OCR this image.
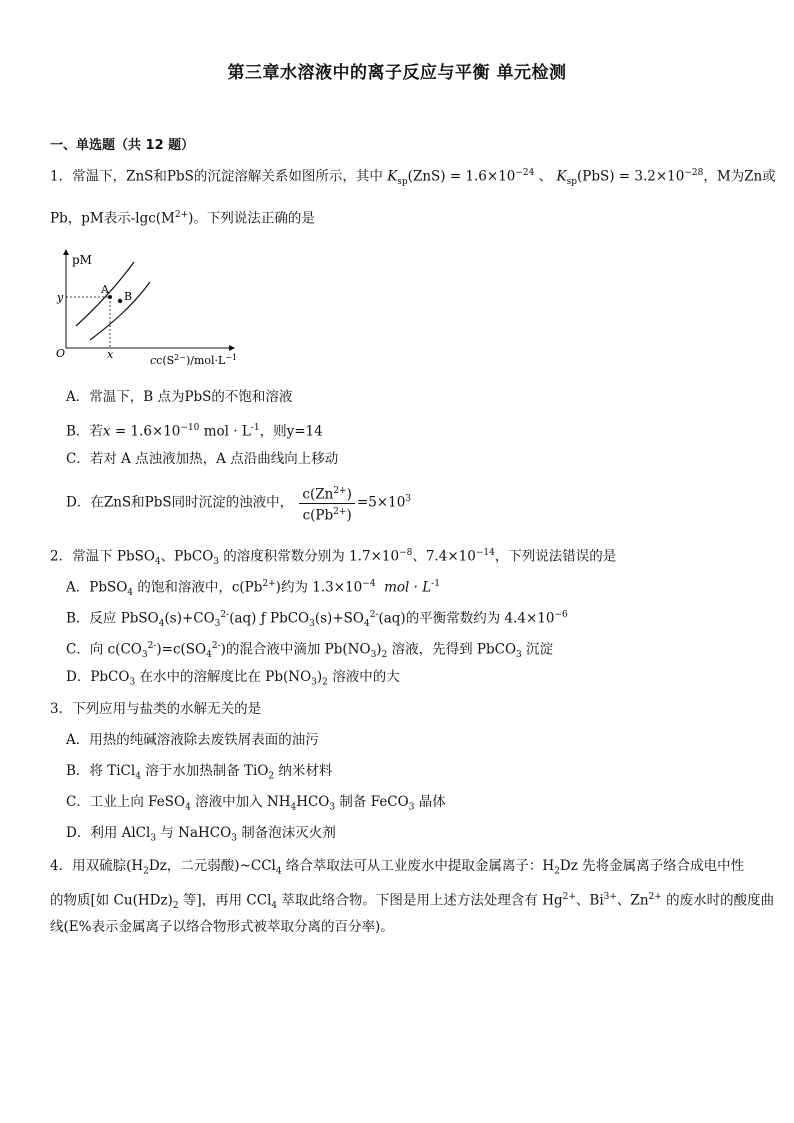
第三章水溶液中的离子反应与平衡 单元检测
一、单选题（共 12 题）
1．常温下，ZnS和PbS的沉淀溶解关系如图所示，其中 $K_{sp}(ZnS) = 1.6\times 10^{-24}$ 、 $K_{sp}(PbS) = 3.2\times 10^{-28}$，M为Zn或
Pb，pM表示$-\lg c(M^{2+})$。下列说法正确的是
pM
O
y
x
A
B
$cc(S^{2-})/mol\cdot L^{-1}$
A．常温下，B 点为PbS的不饱和溶液
B．若$x = 1.6\times 10^{-10}$ mol · $L^{-1}$，则y=14
C．若对 A 点浊液加热，A 点沿曲线向上移动
D．在ZnS和PbS同时沉淀的浊液中， $\frac{c(Zn^{2+})}{c(Pb^{2+})} =5\times 10^3$
2．常温下 PbSO$_4$、PbCO$_3$ 的溶度积常数分别为 $1.7\times 10^{-8}$、$7.4\times 10^{-14}$，下列说法错误的是
A．PbSO$_4$ 的饱和溶液中，$c(Pb^{2+})$约为 $1.3\times 10^{-4}$ mol · $L^{-1}$
B．反应 $PbSO_4(s)+CO_3^{2-}(aq)$ ƒ $PbCO_3(s)+SO_4^{2-}(aq)$的平衡常数约为 $4.4\times 10^{-6}$
C．向 $c(CO_3^{2-})=c(SO_4^{2-})$的混合液中滴加 $Pb(NO_3)_2$ 溶液，先得到 PbCO$_3$ 沉淀
D．PbCO$_3$ 在水中的溶解度比在 $Pb(NO_3)_2$ 溶液中的大
3．下列应用与盐类的水解无关的是
A．用热的纯碱溶液除去废铁屑表面的油污
B．将 TiCl$_4$ 溶于水加热制备 TiO$_2$ 纳米材料
C．工业上向 FeSO$_4$ 溶液中加入 $NH_4HCO_3$ 制备 FeCO$_3$ 晶体
D．利用 AlCl$_3$ 与 NaHCO$_3$ 制备泡沫灭火剂
4．用双硫腙($H_2Dz$，二元弱酸)~CCl$_4$ 络合萃取法可从工业废水中提取金属离子：$H_2Dz$ 先将金属离子络合成电中性
的物质[如 $Cu(HDz)_2$ 等]，再用 CCl$_4$ 萃取此络合物。下图是用上述方法处理含有 $Hg^{2+}$、$Bi^{3+}$、$Zn^{2+}$ 的废水时的酸度曲
线(E%表示金属离子以络合物形式被萃取分离的百分率)。
